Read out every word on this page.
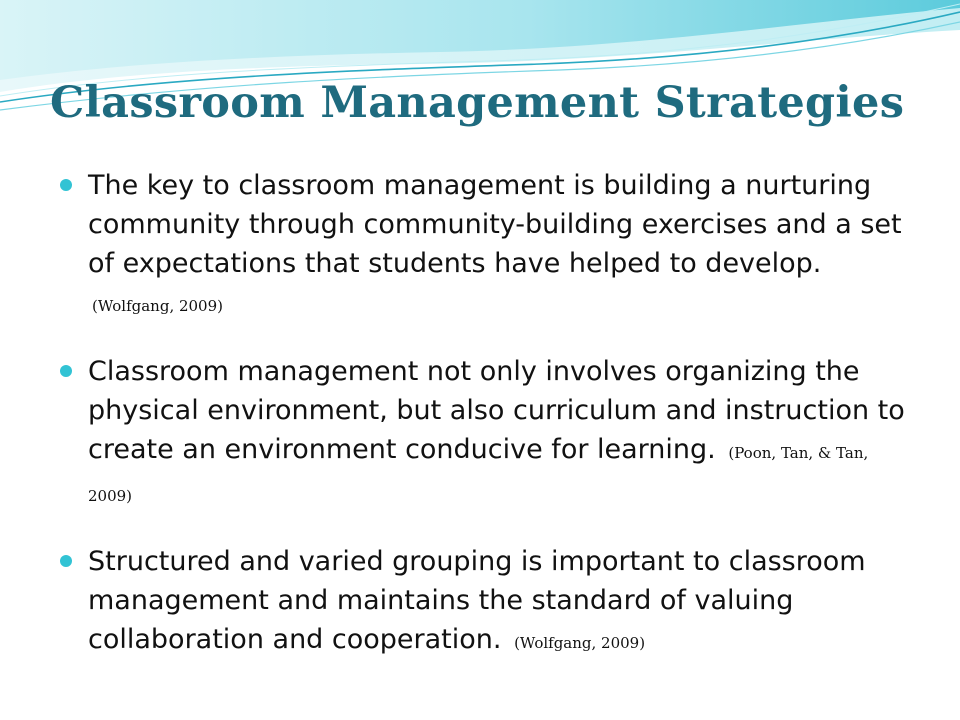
Classroom Management Strategies
The key to classroom management is building a nurturing community through community-building exercises and a set of expectations that students have helped to develop. (Wolfgang, 2009)
Classroom management not only involves organizing the physical environment, but also curriculum and instruction to create an environment conducive for learning. (Poon, Tan, & Tan, 2009)
Structured and varied grouping is important to classroom management and maintains the standard of valuing collaboration and cooperation. (Wolfgang, 2009)
